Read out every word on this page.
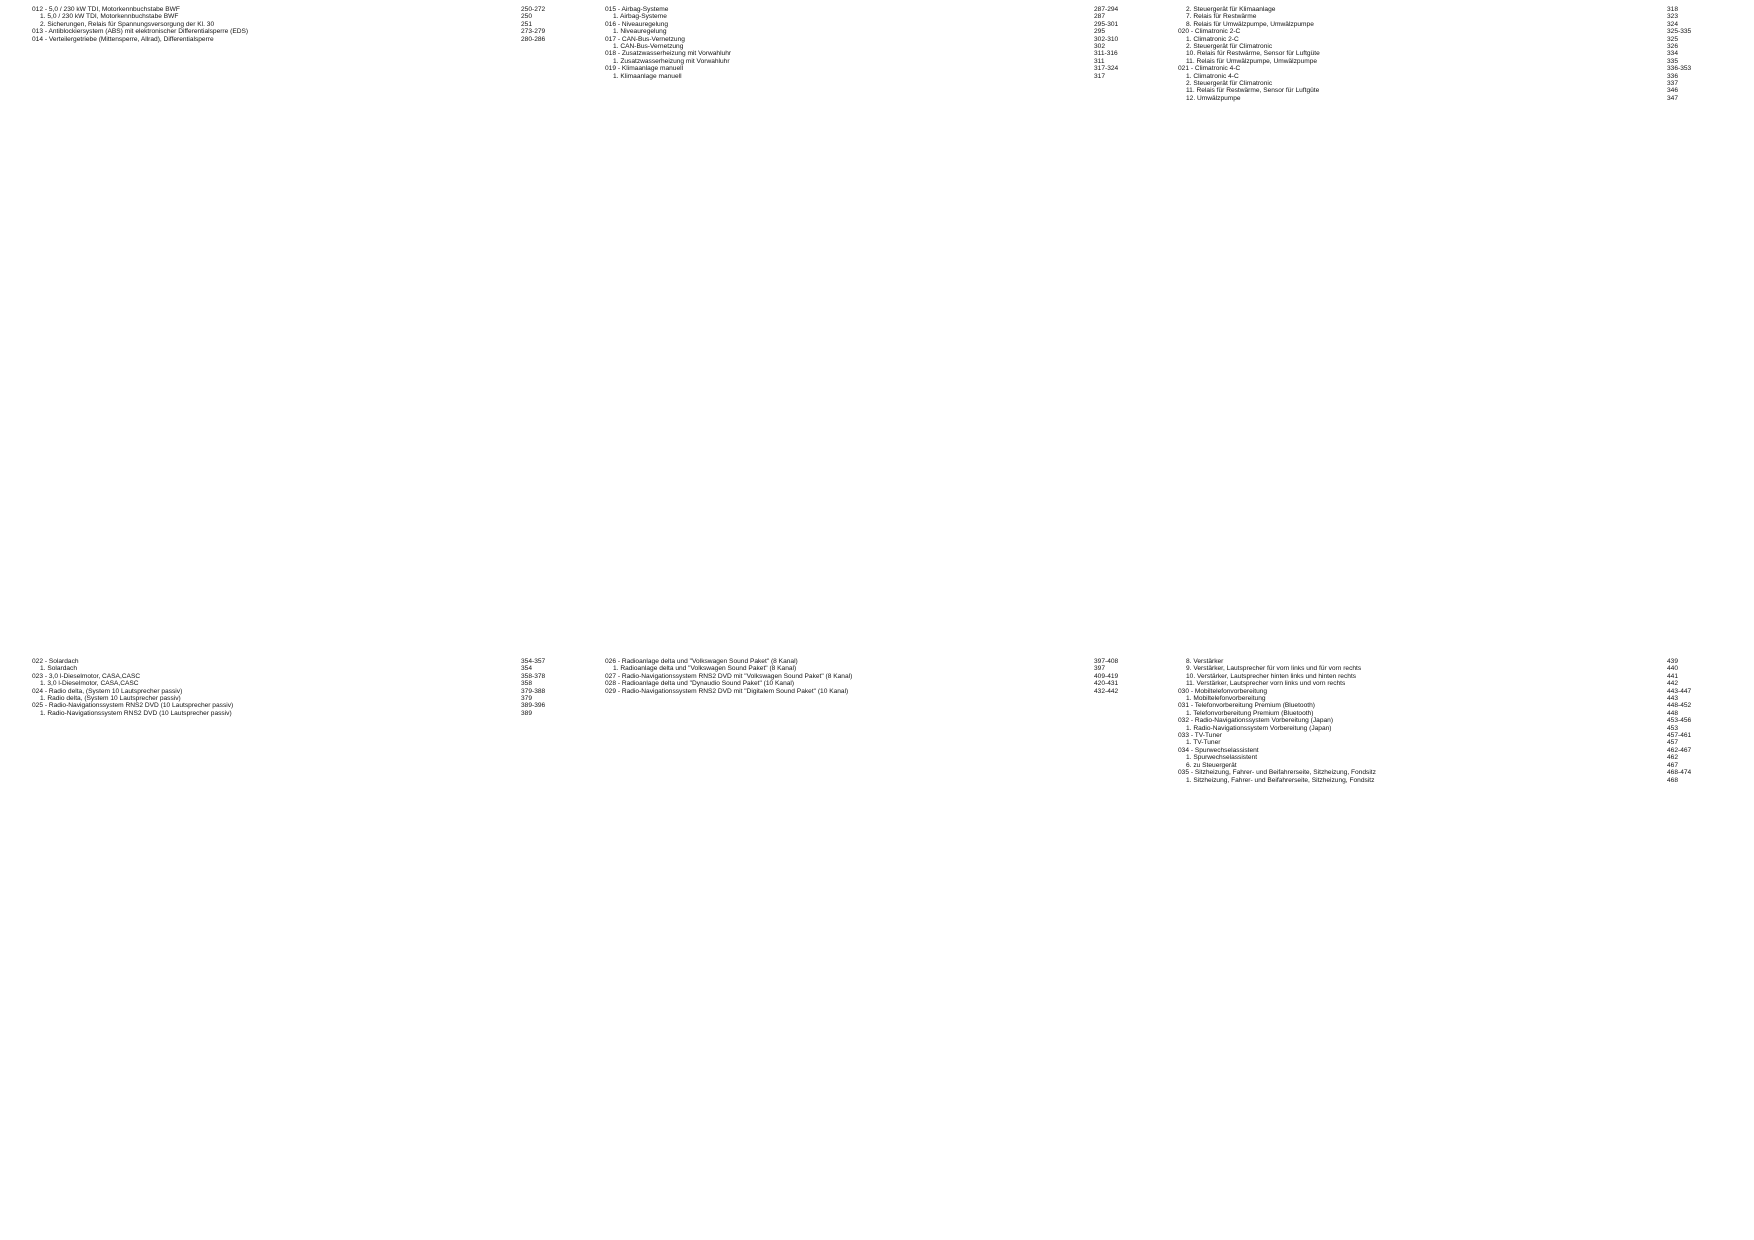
012 - 5,0 / 230 kW TDI, Motorkennbuchstabe BWF	250-272
1. 5,0 / 230 kW TDI, Motorkennbuchstabe BWF	250
2. Sicherungen, Relais für Spannungsversorgung der Kl. 30	251
013 - Antiblockiersystem (ABS) mit elektronischer Differentialsperre (EDS)	273-279
014 - Verteilergetriebe (Mittensperre, Allrad), Differentialsperre	280-286
015 - Airbag-Systeme	287-294
1. Airbag-Systeme	287
016 - Niveauregelung	295-301
1. Niveauregelung	295
017 - CAN-Bus-Vernetzung	302-310
1. CAN-Bus-Vernetzung	302
018 - Zusatzwasserheizung mit Vorwahluhr	311-316
1. Zusatzwasserheizung mit Vorwahluhr	311
019 - Klimaanlage manuell	317-324
1. Klimaanlage manuell	317
2. Steuergerät für Klimaanlage	318
7. Relais für Restwärme	323
8. Relais für Umwälzpumpe, Umwälzpumpe	324
020 - Climatronic 2-C	325-335
1. Climatronic 2-C	325
2. Steuergerät für Climatronic	326
10. Relais für Restwärme, Sensor für Luftgüte	334
11. Relais für Umwälzpumpe, Umwälzpumpe	335
021 - Climatronic 4-C	336-353
1. Climatronic 4-C	336
2. Steuergerät für Climatronic	337
11. Relais für Restwärme, Sensor für Luftgüte	346
12. Umwälzpumpe	347
022 - Solardach	354-357
1. Solardach	354
023 - 3,0 l-Dieselmotor, CASA,CASC	358-378
1. 3,0 l-Dieselmotor, CASA,CASC	358
024 - Radio delta, (System 10 Lautsprecher passiv)	379-388
1. Radio delta, (System 10 Lautsprecher passiv)	379
025 - Radio-Navigationssystem RNS2 DVD (10 Lautsprecher passiv)	389-396
1. Radio-Navigationssystem RNS2 DVD (10 Lautsprecher passiv)	389
026 - Radioanlage delta und "Volkswagen Sound Paket" (8 Kanal)	397-408
1. Radioanlage delta und "Volkswagen Sound Paket" (8 Kanal)	397
027 - Radio-Navigationssystem RNS2 DVD mit "Volkswagen Sound Paket" (8 Kanal)	409-419
028 - Radioanlage delta und "Dynaudio Sound Paket" (10 Kanal)	420-431
029 - Radio-Navigationssystem RNS2 DVD mit "Digitalem Sound Paket" (10 Kanal)	432-442
8. Verstärker	439
9. Verstärker, Lautsprecher für vorn links und für vorn rechts	440
10. Verstärker, Lautsprecher hinten links und hinten rechts	441
11. Verstärker, Lautsprecher vorn links und vorn rechts	442
030 - Mobiltelefonvorbereitung	443-447
1. Mobiltelefonvorbereitung	443
031 - Telefonvorbereitung Premium (Bluetooth)	448-452
1. Telefonvorbereitung Premium (Bluetooth)	448
032 - Radio-Navigationssystem Vorbereitung (Japan)	453-456
1. Radio-Navigationssystem Vorbereitung (Japan)	453
033 - TV-Tuner	457-461
1. TV-Tuner	457
034 - Spurwechselassistent	462-467
1. Spurwechselassistent	462
6. zu Steuergerät	467
035 - Sitzheizung, Fahrer- und Beifahrerseite, Sitzheizung, Fondsitz	468-474
1. Sitzheizung, Fahrer- und Beifahrerseite, Sitzheizung, Fondsitz	468
